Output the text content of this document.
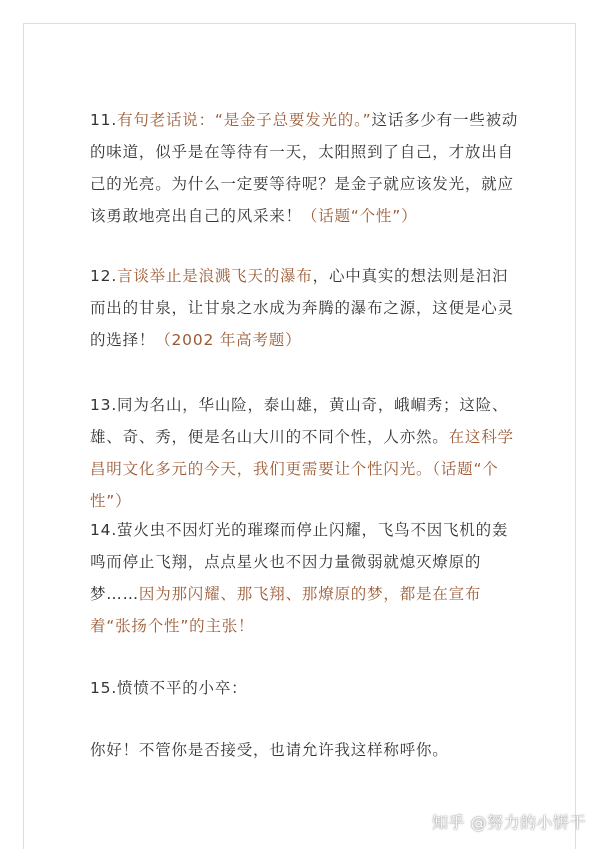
11.有句老话说：“是金子总要发光的。”这话多少有一些被动的味道，似乎是在等待有一天，太阳照到了自己，才放出自己的光亮。为什么一定要等待呢？是金子就应该发光，就应该勇敢地亮出自己的风采来！（话题“个性”）

12.言谈举止是浪溅飞天的瀑布，心中真实的想法则是汩汩而出的甘泉，让甘泉之水成为奔腾的瀑布之源，这便是心灵的选择！（2002 年高考题）

13.同为名山，华山险，泰山雄，黄山奇，峨嵋秀；这险、雄、奇、秀，便是名山大川的不同个性，人亦然。在这科学昌明文化多元的今天，我们更需要让个性闪光。（话题“个性”）

14.萤火虫不因灯光的璀璨而停止闪耀，飞鸟不因飞机的轰鸣而停止飞翔，点点星火也不因力量微弱就熄灭燎原的梦……因为那闪耀、那飞翔、那燎原的梦，都是在宣布着“张扬个性”的主张！

15.愤愤不平的小卒：

你好！不管你是否接受，也请允许我这样称呼你。

知乎 @努力的小饼干
